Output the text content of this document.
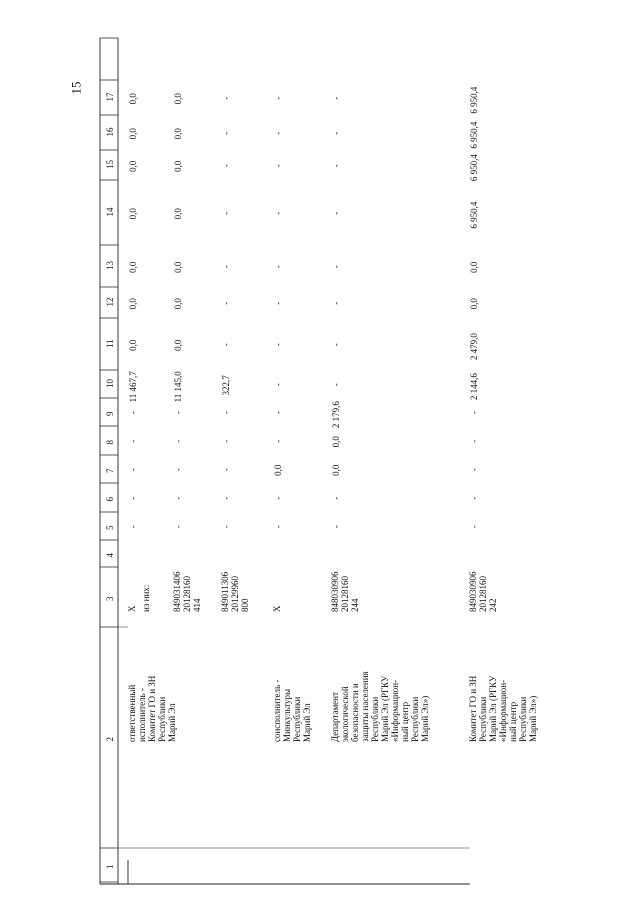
15
1
2
3
4
5
6
7
8
9
10
11
12
13
14
15
16
17
ответственный исполнитель - Комитет ГО и ЗН Республики Марий Эл
X
-
-
-
-
-
11 467,7
0,0
0,0
0,0
0,0
0,0
0,0
0,0
из них: 849031406 20128160 414
-
-
-
-
-
11 145,0
0,0
0,0
0,0
0,0
0,0
0,0
0,0
849011306 20129960 800
-
-
-
-
-
322,7
-
-
-
-
-
-
-
соисполнитель - Минкультуры Республики Марий Эл
X
-
-
0,0
-
-
-
-
-
-
-
-
-
-
Департамент экологической безопасности и защиты населения Республики Марий Эл (РГКУ «Информацион- ный центр Республики Марий Эл»)
848030906 20128160 244
-
-
0,0
0,0
2 179,6
-
-
-
-
-
-
-
-
Комитет ГО и ЗН Республики Марий Эл (РГКУ «Информацион- ный центр Республики Марий Эл»)
849030906 20128160 242
-
-
-
-
-
2 144,6
2 479,0
0,0
0,0
6 950,4
6 950,4
6 950,4
6 950,4
